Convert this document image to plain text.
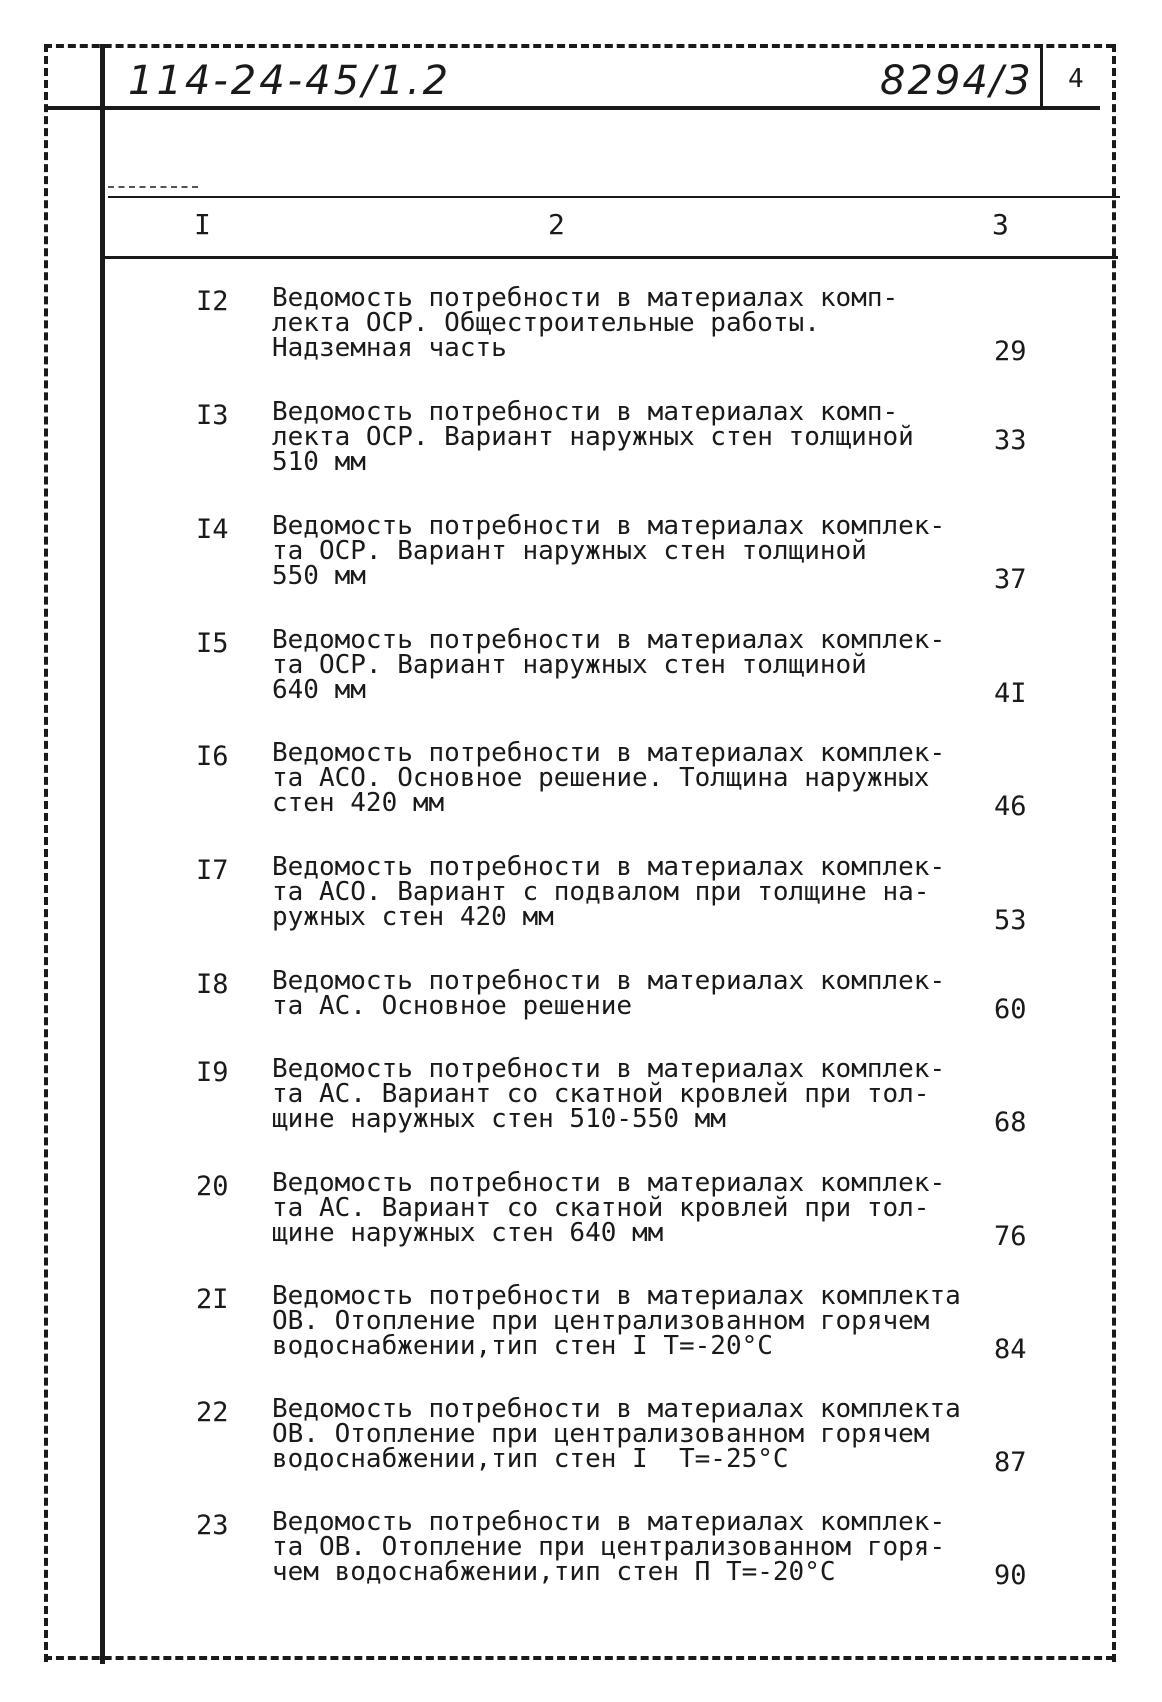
114-24-45/1.2	8294/3 4
I	2	3
I2 Ведомость потребности в материалах комп-
лекта ОСР. Общестроительные работы.
Надземная часть	29
I3 Ведомость потребности в материалах комп-
лекта ОСР. Вариант наружных стен толщиной
510 мм
33
I4 Ведомость потребности в материалах комплек-
та ОСР. Вариант наружных стен толщиной
550 мм	37
I5 Ведомость потребности в материалах комплек-
та ОСР. Вариант наружных стен толщиной
640 мм	4I
I6 Ведомость потребности в материалах комплек-
та АСО. Основное решение. Толщина наружных
стен 420 мм	46
I7 Ведомость потребности в материалах комплек-
та АСО. Вариант с подвалом при толщине на-
ружных стен 420 мм	53
I8 Ведомость потребности в материалах комплек-
та АС. Основное решение	60
I9 Ведомость потребности в материалах комплек-
та АС. Вариант со скатной кровлей при тол-
щине наружных стен 510-550 мм	68
20 Ведомость потребности в материалах комплек-
та АС. Вариант со скатной кровлей при тол-
щине наружных стен 640 мм	76
2I Ведомость потребности в материалах комплекта
ОВ. Отопление при централизованном горячем
водоснабжении,тип стен I T=-20°C	84
22 Ведомость потребности в материалах комплекта
ОВ. Отопление при централизованном горячем
водоснабжении,тип стен I  T=-25°C	87
23 Ведомость потребности в материалах комплек-
та ОВ. Отопление при централизованном горя-
чем водоснабжении,тип стен П T=-20°C	90
